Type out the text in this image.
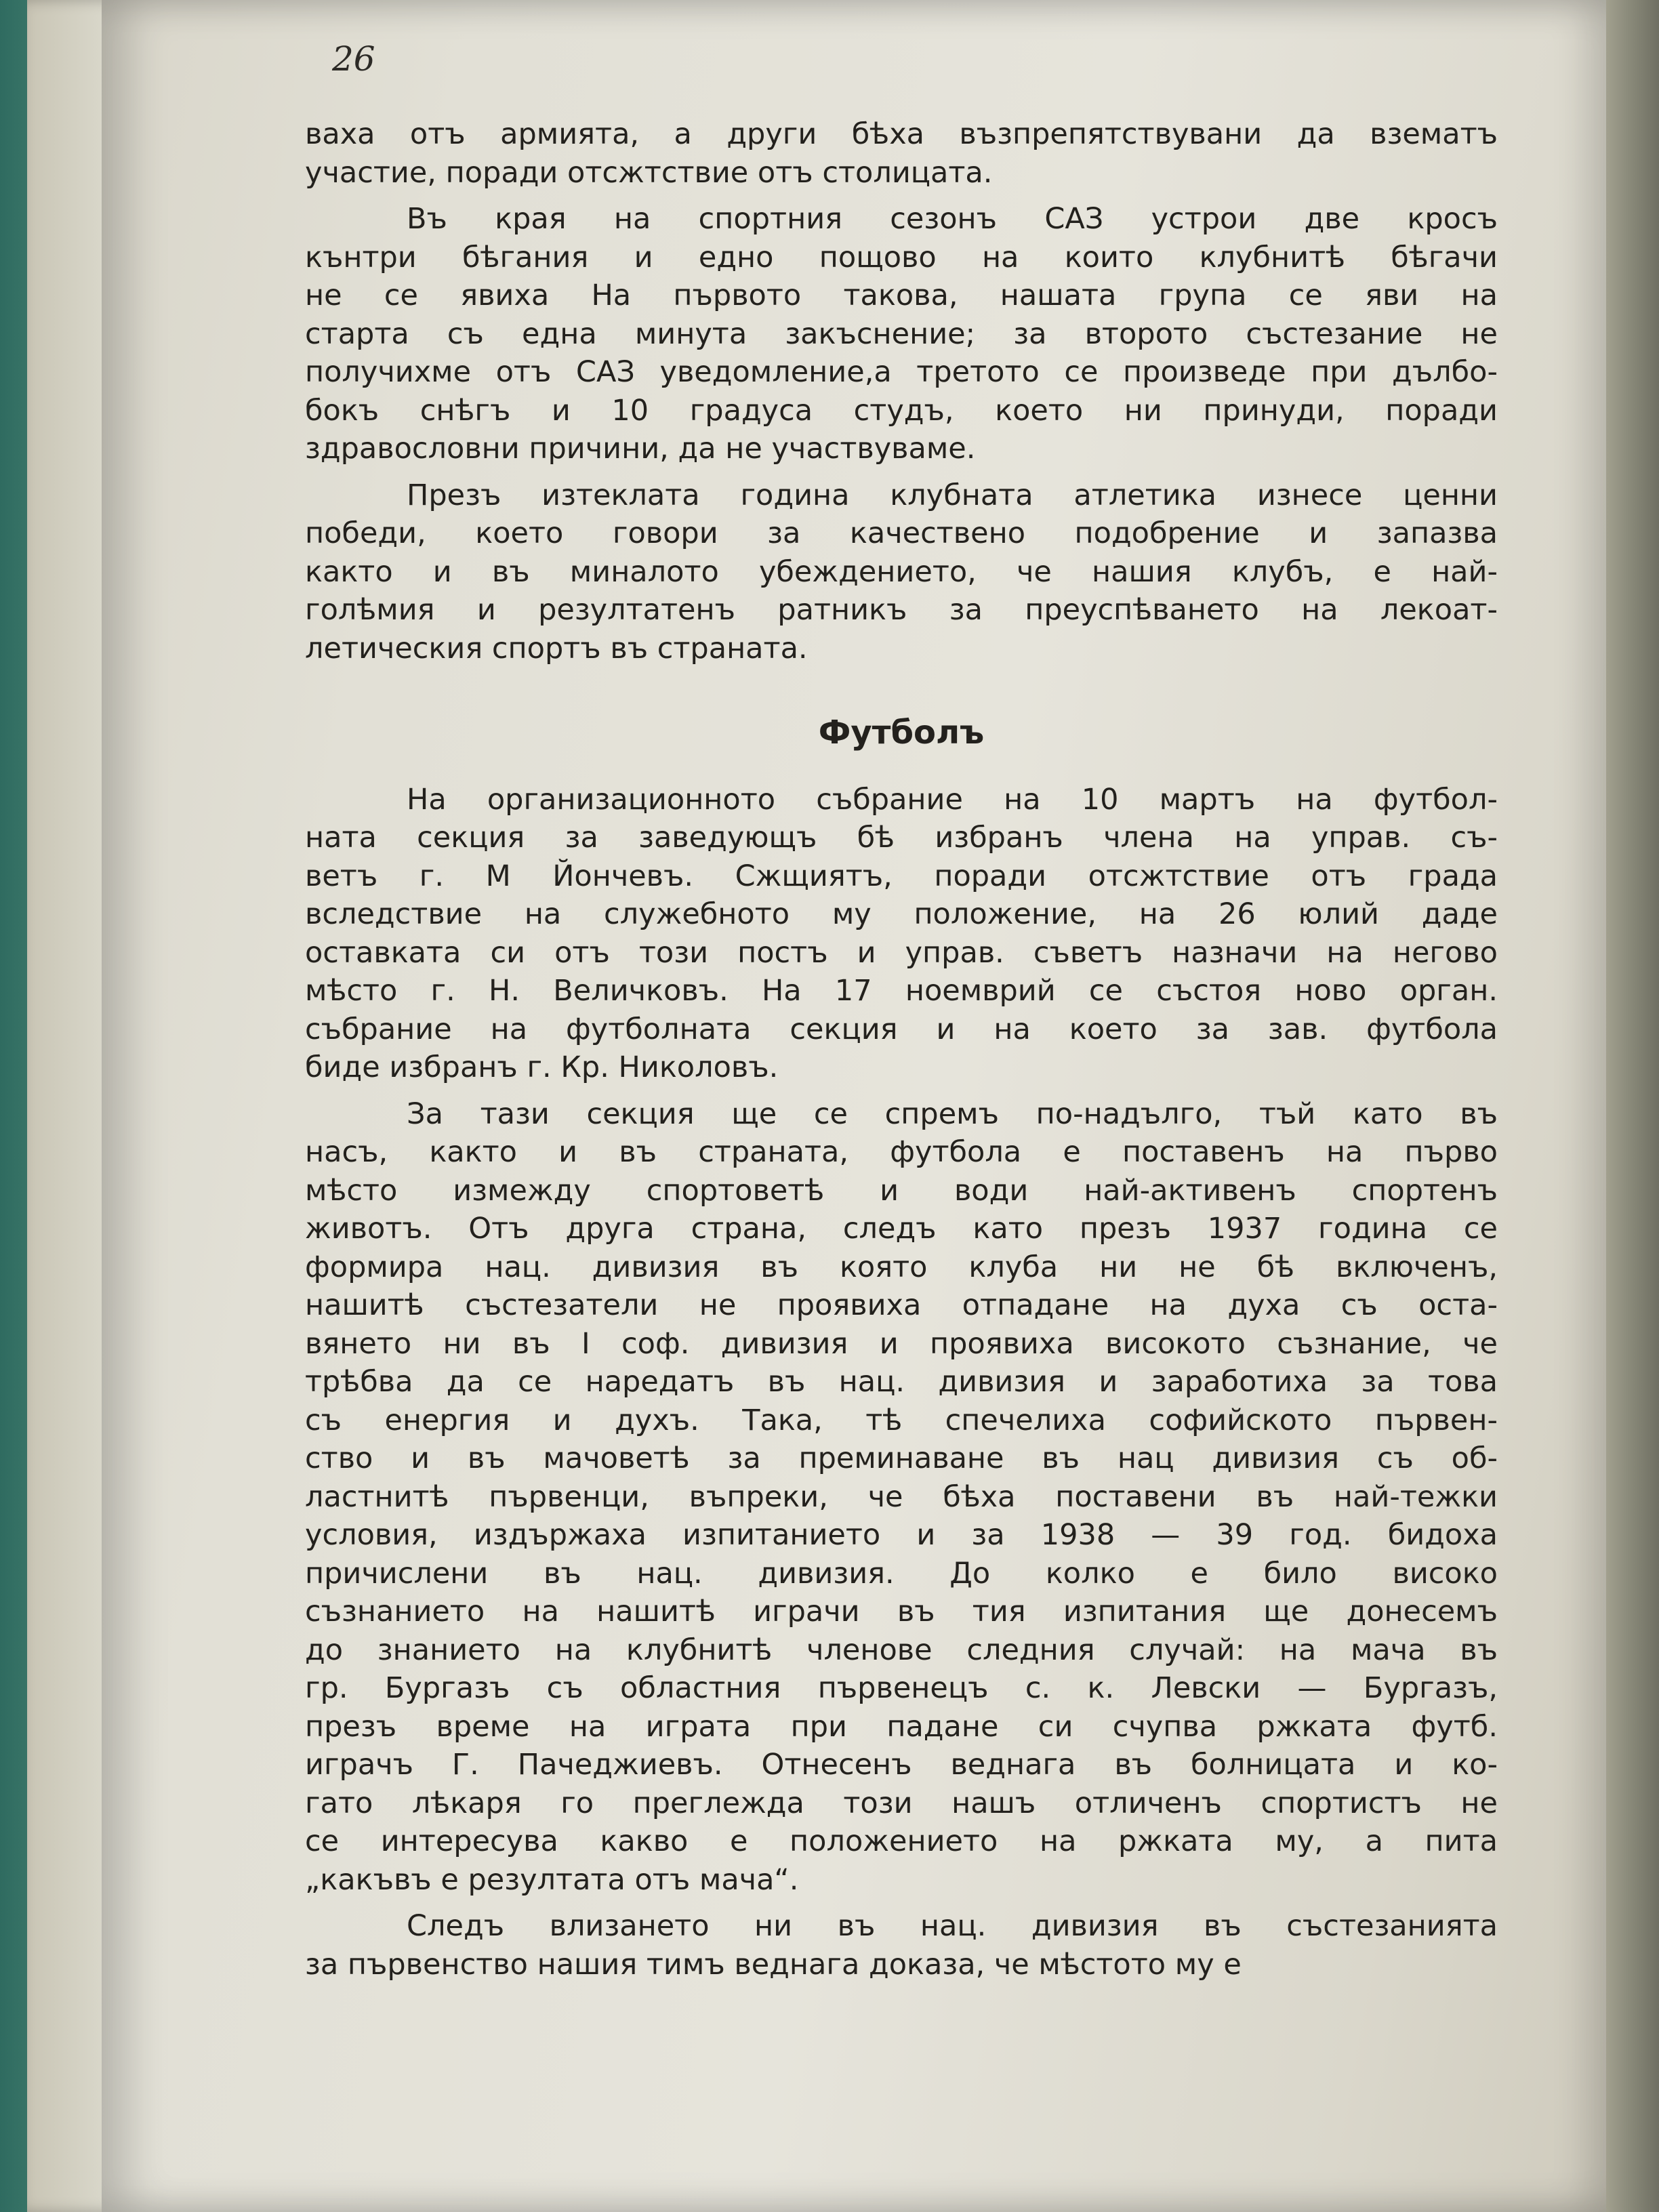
26

ваха отъ армията, а други бѣха възпрепятствувани да взематъ

участие, поради отсжтствие отъ столицата.

Въ края на спортния сезонъ САЗ устрои две кросъ

кънтри бѣгания и едно пощово на които клубнитѣ бѣгачи

не се явиха На първото такова, нашата група се яви на

старта съ една минута закъснение; за второто състезание не

получихме отъ САЗ уведомление,а третото се произведе при дълбо-

бокъ снѣгъ и 10 градуса студъ, което ни принуди, поради

здравословни причини, да не участвуваме.

Презъ изтеклата година клубната атлетика изнесе ценни

победи, което говори за качествено подобрение и запазва

както и въ миналото убеждението, че нашия клубъ, е най-

голѣмия и резултатенъ ратникъ за преуспѣването на лекоат-

летическия спортъ въ страната.

Футболъ

На организационното събрание на 10 мартъ на футбол-

ната секция за заведующъ бѣ избранъ члена на управ. съ-

ветъ г. М Йончевъ. Сжщиятъ, поради отсжтствие отъ града

вследствие на служебното му положение, на 26 юлий даде

оставката си отъ този постъ и управ. съветъ назначи на негово

мѣсто г. Н. Величковъ. На 17 ноемврий се състоя ново орган.

събрание на футболната секция и на което за зав. футбола

биде избранъ г. Кр. Николовъ.

За тази секция ще се спремъ по-надълго, тъй като въ

насъ, както и въ страната, футбола е поставенъ на първо

мѣсто измежду спортоветѣ и води най-активенъ спортенъ

животъ. Отъ друга страна, следъ като презъ 1937 година се

формира нац. дивизия въ която клуба ни не бѣ включенъ,

нашитѣ състезатели не проявиха отпадане на духа съ оста-

вянето ни въ I соф. дивизия и проявиха високото съзнание, че

трѣбва да се наредатъ въ нац. дивизия и заработиха за това

съ енергия и духъ. Така, тѣ спечелиха софийското първен-

ство и въ мачоветѣ за преминаване въ нац дивизия съ об-

ластнитѣ първенци, въпреки, че бѣха поставени въ най-тежки

условия, издържаха изпитанието и за 1938 — 39 год. бидоха

причислени въ нац. дивизия. До колко е било високо

съзнанието на нашитѣ играчи въ тия изпитания ще донесемъ

до знанието на клубнитѣ членове следния случай: на мача въ

гр. Бургазъ съ областния първенецъ с. к. Левски — Бургазъ,

презъ време на играта при падане си счупва ржката футб.

играчъ Г. Пачеджиевъ. Отнесенъ веднага въ болницата и ко-

гато лѣкаря го преглежда този нашъ отличенъ спортистъ не

се интересува какво е положението на ржката му, а пита

„какъвъ е резултата отъ мача“.

Следъ влизането ни въ нац. дивизия въ състезанията

за първенство нашия тимъ веднага доказа, че мѣстото му е
